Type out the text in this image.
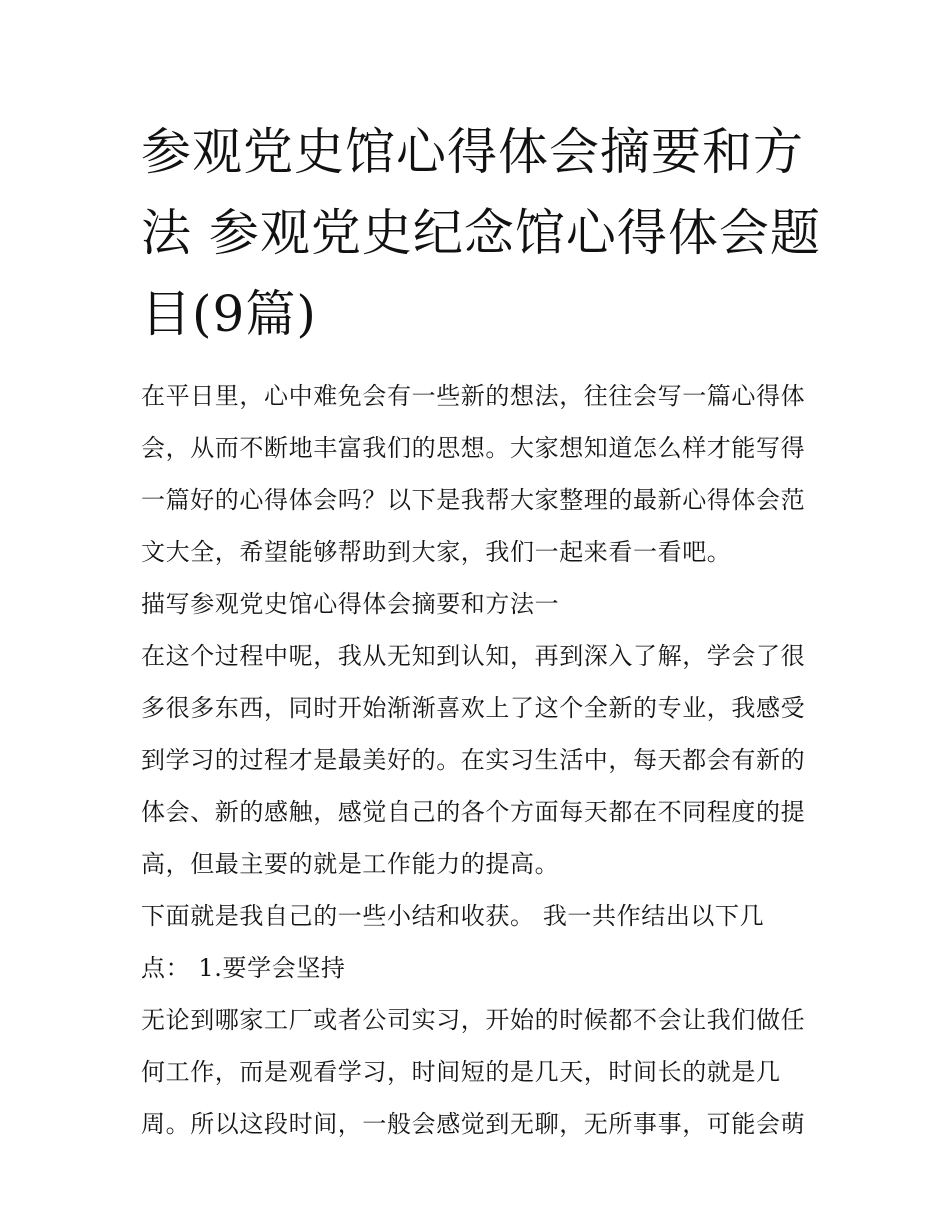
参观党史馆心得体会摘要和方
法 参观党史纪念馆心得体会题
目(9篇)

在平日里，心中难免会有一些新的想法，往往会写一篇心得体
会，从而不断地丰富我们的思想。大家想知道怎么样才能写得
一篇好的心得体会吗？以下是我帮大家整理的最新心得体会范
文大全，希望能够帮助到大家，我们一起来看一看吧。

描写参观党史馆心得体会摘要和方法一

在这个过程中呢，我从无知到认知，再到深入了解，学会了很
多很多东西，同时开始渐渐喜欢上了这个全新的专业，我感受
到学习的过程才是最美好的。在实习生活中，每天都会有新的
体会、新的感触，感觉自己的各个方面每天都在不同程度的提
高，但最主要的就是工作能力的提高。

下面就是我自己的一些小结和收获。 我一共作结出以下几
点： 1.要学会坚持

无论到哪家工厂或者公司实习，开始的时候都不会让我们做任
何工作，而是观看学习，时间短的是几天，时间长的就是几
周。所以这段时间，一般会感觉到无聊，无所事事，可能会萌
